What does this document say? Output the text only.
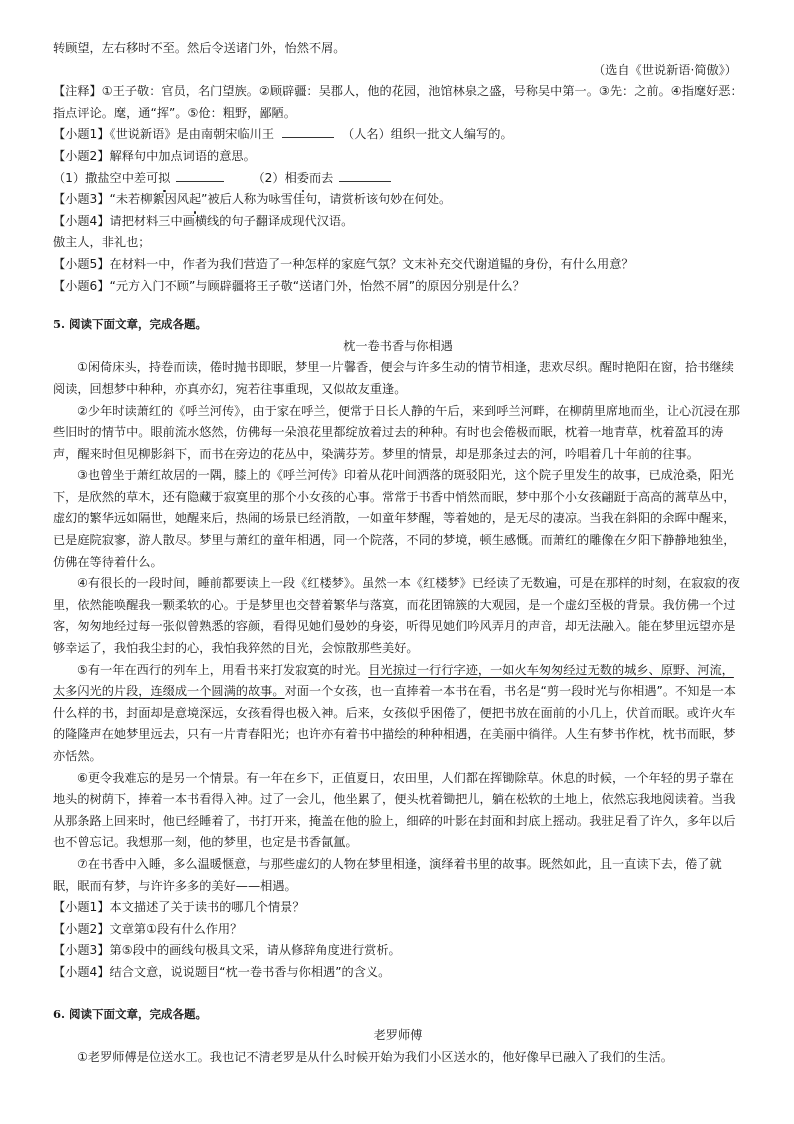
转顾望，左右移时不至。然后令送诸门外，怡然不屑。

（选自《世说新语·简傲》）

【注释】①王子敬：官员，名门望族。②顾辟疆：吴郡人，他的花园，池馆林泉之盛，号称吴中第一。③先：之前。④指麾好恶：

指点评论。麾，通“挥”。⑤伧：粗野，鄙陋。

【小题1】《世说新语》是由南朝宋临川王	（人名）组织一批文人编写的。

【小题2】解释句中加点词语的意思。

（1）撒盐空中差可拟	（2）相委而去

【小题3】“未若柳絮因风起”被后人称为咏雪佳句，请赏析该句妙在何处。

【小题4】请把材料三中画横线的句子翻译成现代汉语。

傲主人，非礼也；

【小题5】在材料一中，作者为我们营造了一种怎样的家庭气氛？文末补充交代谢道韫的身份，有什么用意？

【小题6】“元方入门不顾”与顾辟疆将王子敬“送诸门外，怡然不屑”的原因分别是什么？

5. 阅读下面文章，完成各题。

枕一卷书香与你相遇

①闲倚床头，持卷而读，倦时抛书即眠，梦里一片馨香，便会与许多生动的情节相逢，悲欢尽织。醒时艳阳在窗，拾书继续阅读，回想梦中种种，亦真亦幻，宛若往事重现，又似故友重逢。

②少年时读萧红的《呼兰河传》，由于家在呼兰，便常于日长人静的午后，来到呼兰河畔，在柳荫里席地而坐，让心沉浸在那些旧时的情节中。眼前流水悠然，仿佛每一朵浪花里都绽放着过去的种种。有时也会倦极而眠，枕着一地青草，枕着盈耳的涛声，醒来时但见柳影斜下，而书在旁边的花丛中，染满芬芳。梦里的情景，却是那条过去的河，吟唱着几十年前的往事。

③也曾坐于萧红故居的一隅，膝上的《呼兰河传》印着从花叶间洒落的斑驳阳光，这个院子里发生的故事，已成沧桑，阳光下，是欣然的草木，还有隐藏于寂寞里的那个小女孩的心事。常常于书香中悄然而眠，梦中那个小女孩翩跹于高高的蒿草丛中，虚幻的繁华远如隔世，她醒来后，热闹的场景已经消散，一如童年梦醒，等着她的，是无尽的凄凉。当我在斜阳的余晖中醒来，已是庭院寂寥，游人散尽。梦里与萧红的童年相遇，同一个院落，不同的梦境，顿生感慨。而萧红的雕像在夕阳下静静地独坐，仿佛在等待着什么。

④有很长的一段时间，睡前都要读上一段《红楼梦》。虽然一本《红楼梦》已经读了无数遍，可是在那样的时刻，在寂寂的夜里，依然能唤醒我一颗柔软的心。于是梦里也交替着繁华与落寞，而花团锦簇的大观园，是一个虚幻至极的背景。我仿佛一个过客，匆匆地经过每一张似曾熟悉的容颜，看得见她们曼妙的身姿，听得见她们吟风弄月的声音，却无法融入。能在梦里远望亦是够幸运了，我怕我尘封的心，我怕我猝然的目光，会惊散那些美好。

⑤有一年在西行的列车上，用看书来打发寂寞的时光。目光掠过一行行字迹，一如火车匆匆经过无数的城乡、原野、河流，太多闪光的片段，连缀成一个圆满的故事。对面一个女孩，也一直捧着一本书在看，书名是“剪一段时光与你相遇”。不知是一本什么样的书，封面却是意境深远，女孩看得也极入神。后来，女孩似乎困倦了，便把书放在面前的小几上，伏首而眠。或许火车的隆隆声在她梦里远去，只有一片青春阳光；也许亦有着书中描绘的种种相遇，在美丽中徜徉。人生有梦书作枕，枕书而眠，梦亦恬然。

⑥更令我难忘的是另一个情景。有一年在乡下，正值夏日，农田里，人们都在挥锄除草。休息的时候，一个年轻的男子靠在地头的树荫下，捧着一本书看得入神。过了一会儿，他坐累了，便头枕着锄把儿，躺在松软的土地上，依然忘我地阅读着。当我从那条路上回来时，他已经睡着了，书打开来，掩盖在他的脸上，细碎的叶影在封面和封底上摇动。我驻足看了许久，多年以后也不曾忘记。我想那一刻，他的梦里，也定是书香氤氲。

⑦在书香中入睡，多么温暖惬意，与那些虚幻的人物在梦里相逢，演绎着书里的故事。既然如此，且一直读下去，倦了就眠，眠而有梦，与许许多多的美好——相遇。

【小题1】本文描述了关于读书的哪几个情景？

【小题2】文章第①段有什么作用？

【小题3】第⑤段中的画线句极具文采，请从修辞角度进行赏析。

【小题4】结合文意，说说题目“枕一卷书香与你相遇”的含义。

6. 阅读下面文章，完成各题。

老罗师傅

①老罗师傅是位送水工。我也记不清老罗是从什么时候开始为我们小区送水的，他好像早已融入了我们的生活。
